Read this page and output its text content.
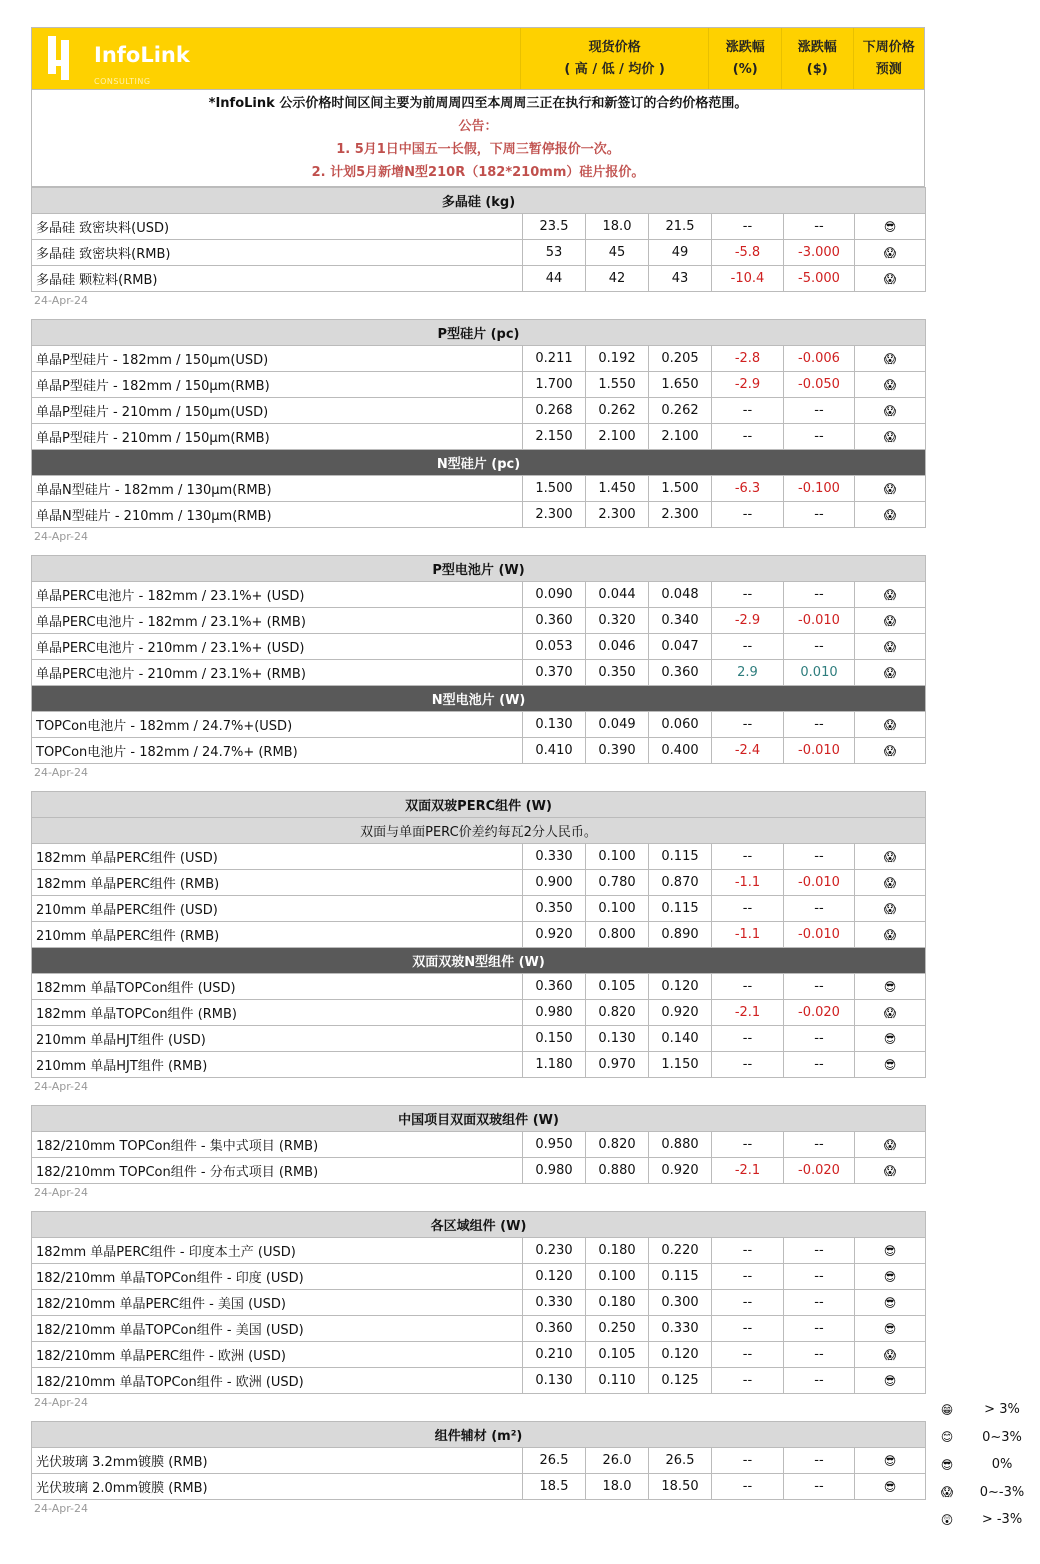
InfoLink
CONSULTING
现货价格
( 高 / 低 / 均价 )
涨跌幅
(%)
涨跌幅
($)
下周价格
预测
*InfoLink 公示价格时间区间主要为前周周四至本周周三正在执行和新签订的合约价格范围。
公告：
1. 5月1日中国五一长假，下周三暂停报价一次。
2. 计划5月新增N型210R（182*210mm）硅片报价。
多晶硅 (kg)						
多晶硅 致密块料(USD)	23.5	18.0	21.5	--	--	😎
多晶硅 致密块料(RMB)	53	45	49	-5.8	-3.000	😱
多晶硅 颗粒料(RMB)	44	42	43	-10.4	-5.000	😱
24-Apr-24
P型硅片 (pc)						
单晶P型硅片 - 182mm / 150μm(USD)	0.211	0.192	0.205	-2.8	-0.006	😱
单晶P型硅片 - 182mm / 150μm(RMB)	1.700	1.550	1.650	-2.9	-0.050	😱
单晶P型硅片 - 210mm / 150μm(USD)	0.268	0.262	0.262	--	--	😱
单晶P型硅片 - 210mm / 150μm(RMB)	2.150	2.100	2.100	--	--	😱
N型硅片 (pc)						
单晶N型硅片 - 182mm / 130μm(RMB)	1.500	1.450	1.500	-6.3	-0.100	😱
单晶N型硅片 - 210mm / 130μm(RMB)	2.300	2.300	2.300	--	--	😱
24-Apr-24
P型电池片 (W)						
单晶PERC电池片 - 182mm / 23.1%+ (USD)	0.090	0.044	0.048	--	--	😱
单晶PERC电池片 - 182mm / 23.1%+ (RMB)	0.360	0.320	0.340	-2.9	-0.010	😱
单晶PERC电池片 - 210mm / 23.1%+ (USD)	0.053	0.046	0.047	--	--	😱
单晶PERC电池片 - 210mm / 23.1%+ (RMB)	0.370	0.350	0.360	2.9	0.010	😱
N型电池片 (W)						
TOPCon电池片 - 182mm / 24.7%+(USD)	0.130	0.049	0.060	--	--	😱
TOPCon电池片 - 182mm / 24.7%+ (RMB)	0.410	0.390	0.400	-2.4	-0.010	😱
24-Apr-24
双面双玻PERC组件 (W)						
双面与单面PERC价差约每瓦2分人民币。						
182mm 单晶PERC组件 (USD)	0.330	0.100	0.115	--	--	😱
182mm 单晶PERC组件 (RMB)	0.900	0.780	0.870	-1.1	-0.010	😱
210mm 单晶PERC组件 (USD)	0.350	0.100	0.115	--	--	😱
210mm 单晶PERC组件 (RMB)	0.920	0.800	0.890	-1.1	-0.010	😱
双面双玻N型组件 (W)						
182mm 单晶TOPCon组件 (USD)	0.360	0.105	0.120	--	--	😎
182mm 单晶TOPCon组件 (RMB)	0.980	0.820	0.920	-2.1	-0.020	😱
210mm 单晶HJT组件 (USD)	0.150	0.130	0.140	--	--	😎
210mm 单晶HJT组件 (RMB)	1.180	0.970	1.150	--	--	😎
24-Apr-24
中国项目双面双玻组件 (W)						
182/210mm TOPCon组件 - 集中式项目 (RMB)	0.950	0.820	0.880	--	--	😱
182/210mm TOPCon组件 - 分布式项目 (RMB)	0.980	0.880	0.920	-2.1	-0.020	😱
24-Apr-24
各区域组件 (W)						
182mm 单晶PERC组件 - 印度本土产 (USD)	0.230	0.180	0.220	--	--	😎
182/210mm 单晶TOPCon组件 - 印度 (USD)	0.120	0.100	0.115	--	--	😎
182/210mm 单晶PERC组件 - 美国 (USD)	0.330	0.180	0.300	--	--	😎
182/210mm 单晶TOPCon组件 - 美国 (USD)	0.360	0.250	0.330	--	--	😎
182/210mm 单晶PERC组件 - 欧洲 (USD)	0.210	0.105	0.120	--	--	😱
182/210mm 单晶TOPCon组件 - 欧洲 (USD)	0.130	0.110	0.125	--	--	😎
24-Apr-24
组件辅材 (m²)						
光伏玻璃 3.2mm镀膜 (RMB)	26.5	26.0	26.5	--	--	😎
光伏玻璃 2.0mm镀膜 (RMB)	18.5	18.0	18.50	--	--	😎
24-Apr-24
😁	> 3%
😊	0~3%
😎	0%
😱	0~-3%
😲	> -3%
